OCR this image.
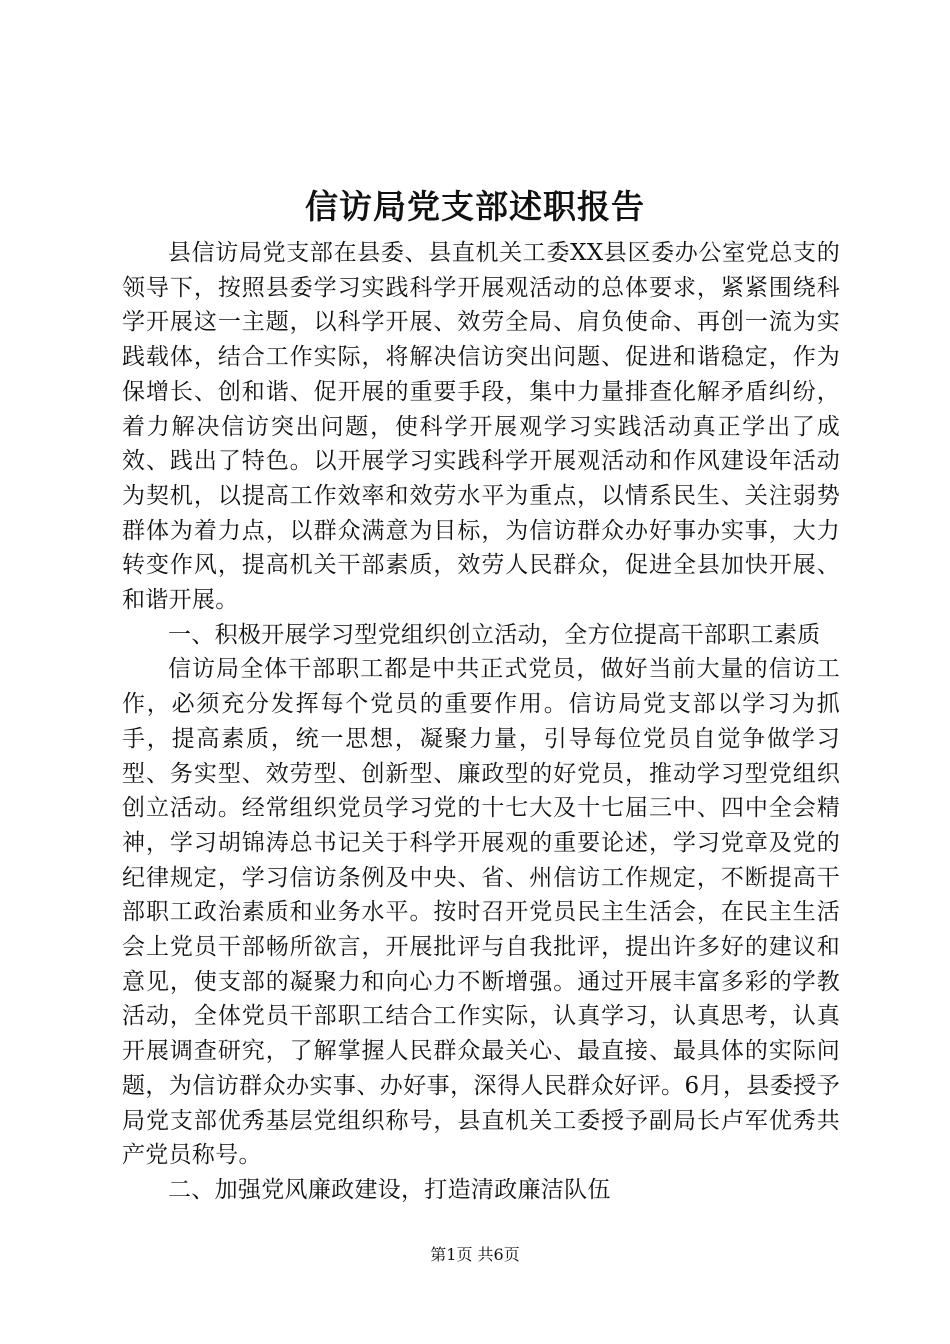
信访局党支部述职报告

县信访局党支部在县委、县直机关工委XX县区委办公室党总支的领导下，按照县委学习实践科学开展观活动的总体要求，紧紧围绕科学开展这一主题，以科学开展、效劳全局、肩负使命、再创一流为实践载体，结合工作实际，将解决信访突出问题、促进和谐稳定，作为保增长、创和谐、促开展的重要手段，集中力量排查化解矛盾纠纷，着力解决信访突出问题，使科学开展观学习实践活动真正学出了成效、践出了特色。以开展学习实践科学开展观活动和作风建设年活动为契机，以提高工作效率和效劳水平为重点，以情系民生、关注弱势群体为着力点，以群众满意为目标，为信访群众办好事办实事，大力转变作风，提高机关干部素质，效劳人民群众，促进全县加快开展、和谐开展。

一、积极开展学习型党组织创立活动，全方位提高干部职工素质

信访局全体干部职工都是中共正式党员，做好当前大量的信访工作，必须充分发挥每个党员的重要作用。信访局党支部以学习为抓手，提高素质，统一思想，凝聚力量，引导每位党员自觉争做学习型、务实型、效劳型、创新型、廉政型的好党员，推动学习型党组织创立活动。经常组织党员学习党的十七大及十七届三中、四中全会精神，学习胡锦涛总书记关于科学开展观的重要论述，学习党章及党的纪律规定，学习信访条例及中央、省、州信访工作规定，不断提高干部职工政治素质和业务水平。按时召开党员民主生活会，在民主生活会上党员干部畅所欲言，开展批评与自我批评，提出许多好的建议和意见，使支部的凝聚力和向心力不断增强。通过开展丰富多彩的学教活动，全体党员干部职工结合工作实际，认真学习，认真思考，认真开展调查研究，了解掌握人民群众最关心、最直接、最具体的实际问题，为信访群众办实事、办好事，深得人民群众好评。6月，县委授予局党支部优秀基层党组织称号，县直机关工委授予副局长卢军优秀共产党员称号。

二、加强党风廉政建设，打造清政廉洁队伍

第1页 共6页
